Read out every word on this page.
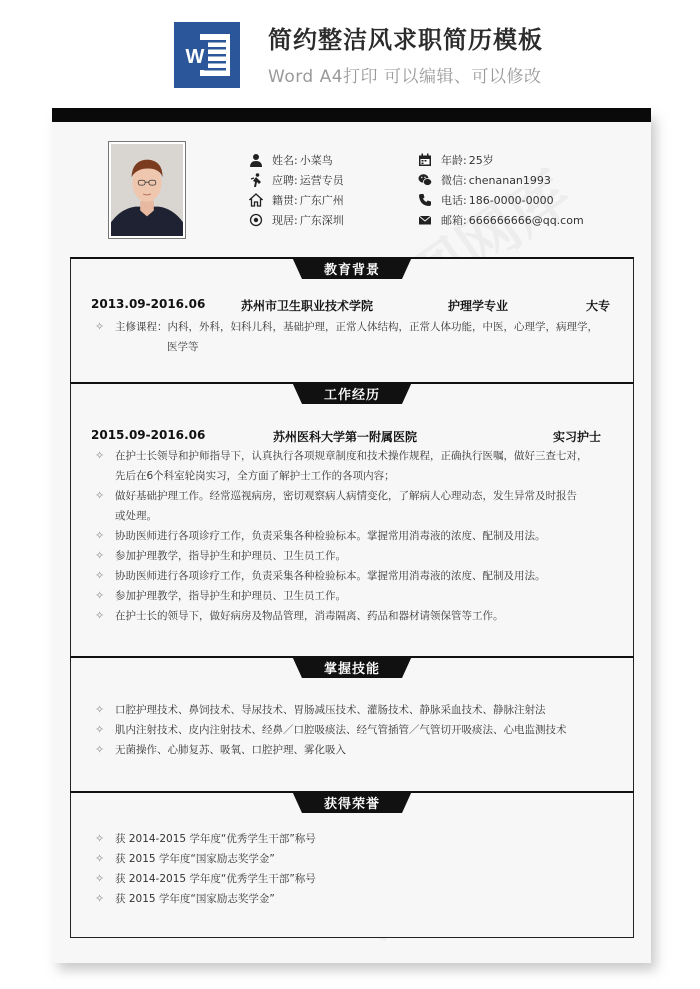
W
简约整洁风求职简历模板
Word A4打印 可以编辑、可以修改
姓名: 小菜鸟
应聘: 运营专员
籍贯: 广东广州
现居: 广东深圳
年龄: 25岁
微信: chenanan1993
电话: 186-0000-0000
邮箱: 666666666@qq.com
教育背景
2013.09-2016.06	苏州市卫生职业技术学院	护理学专业	大专
✧	主修课程：内科，外科，妇科儿科，基础护理，正常人体结构，正常人体功能，中医，心理学，病理学，
医学等
工作经历
2015.09-2016.06	苏州医科大学第一附属医院	实习护士
✧	在护士长领导和护师指导下，认真执行各项规章制度和技术操作规程，正确执行医嘱，做好三查七对，
先后在6个科室轮岗实习，全方面了解护士工作的各项内容；
✧	做好基础护理工作。经常巡视病房，密切观察病人病情变化，了解病人心理动态，发生异常及时报告
或处理。
✧	协助医师进行各项诊疗工作，负责采集各种检验标本。掌握常用消毒液的浓度、配制及用法。
✧	参加护理教学，指导护生和护理员、卫生员工作。
✧	协助医师进行各项诊疗工作，负责采集各种检验标本。掌握常用消毒液的浓度、配制及用法。
✧	参加护理教学，指导护生和护理员、卫生员工作。
✧	在护士长的领导下，做好病房及物品管理，消毒隔离、药品和器材请领保管等工作。
掌握技能
✧	口腔护理技术、鼻饲技术、导尿技术、胃肠减压技术、灌肠技术、静脉采血技术、静脉注射法
✧	肌内注射技术、皮内注射技术、经鼻／口腔吸痰法、经气管插管／气管切开吸痰法、心电监测技术
✧	无菌操作、心肺复苏、吸氧、口腔护理、雾化吸入
获得荣誉
✧	获 2014-2015 学年度“优秀学生干部”称号
✧	获 2015 学年度“国家励志奖学金”
✧	获 2014-2015 学年度“优秀学生干部”称号
✧	获 2015 学年度“国家励志奖学金”
